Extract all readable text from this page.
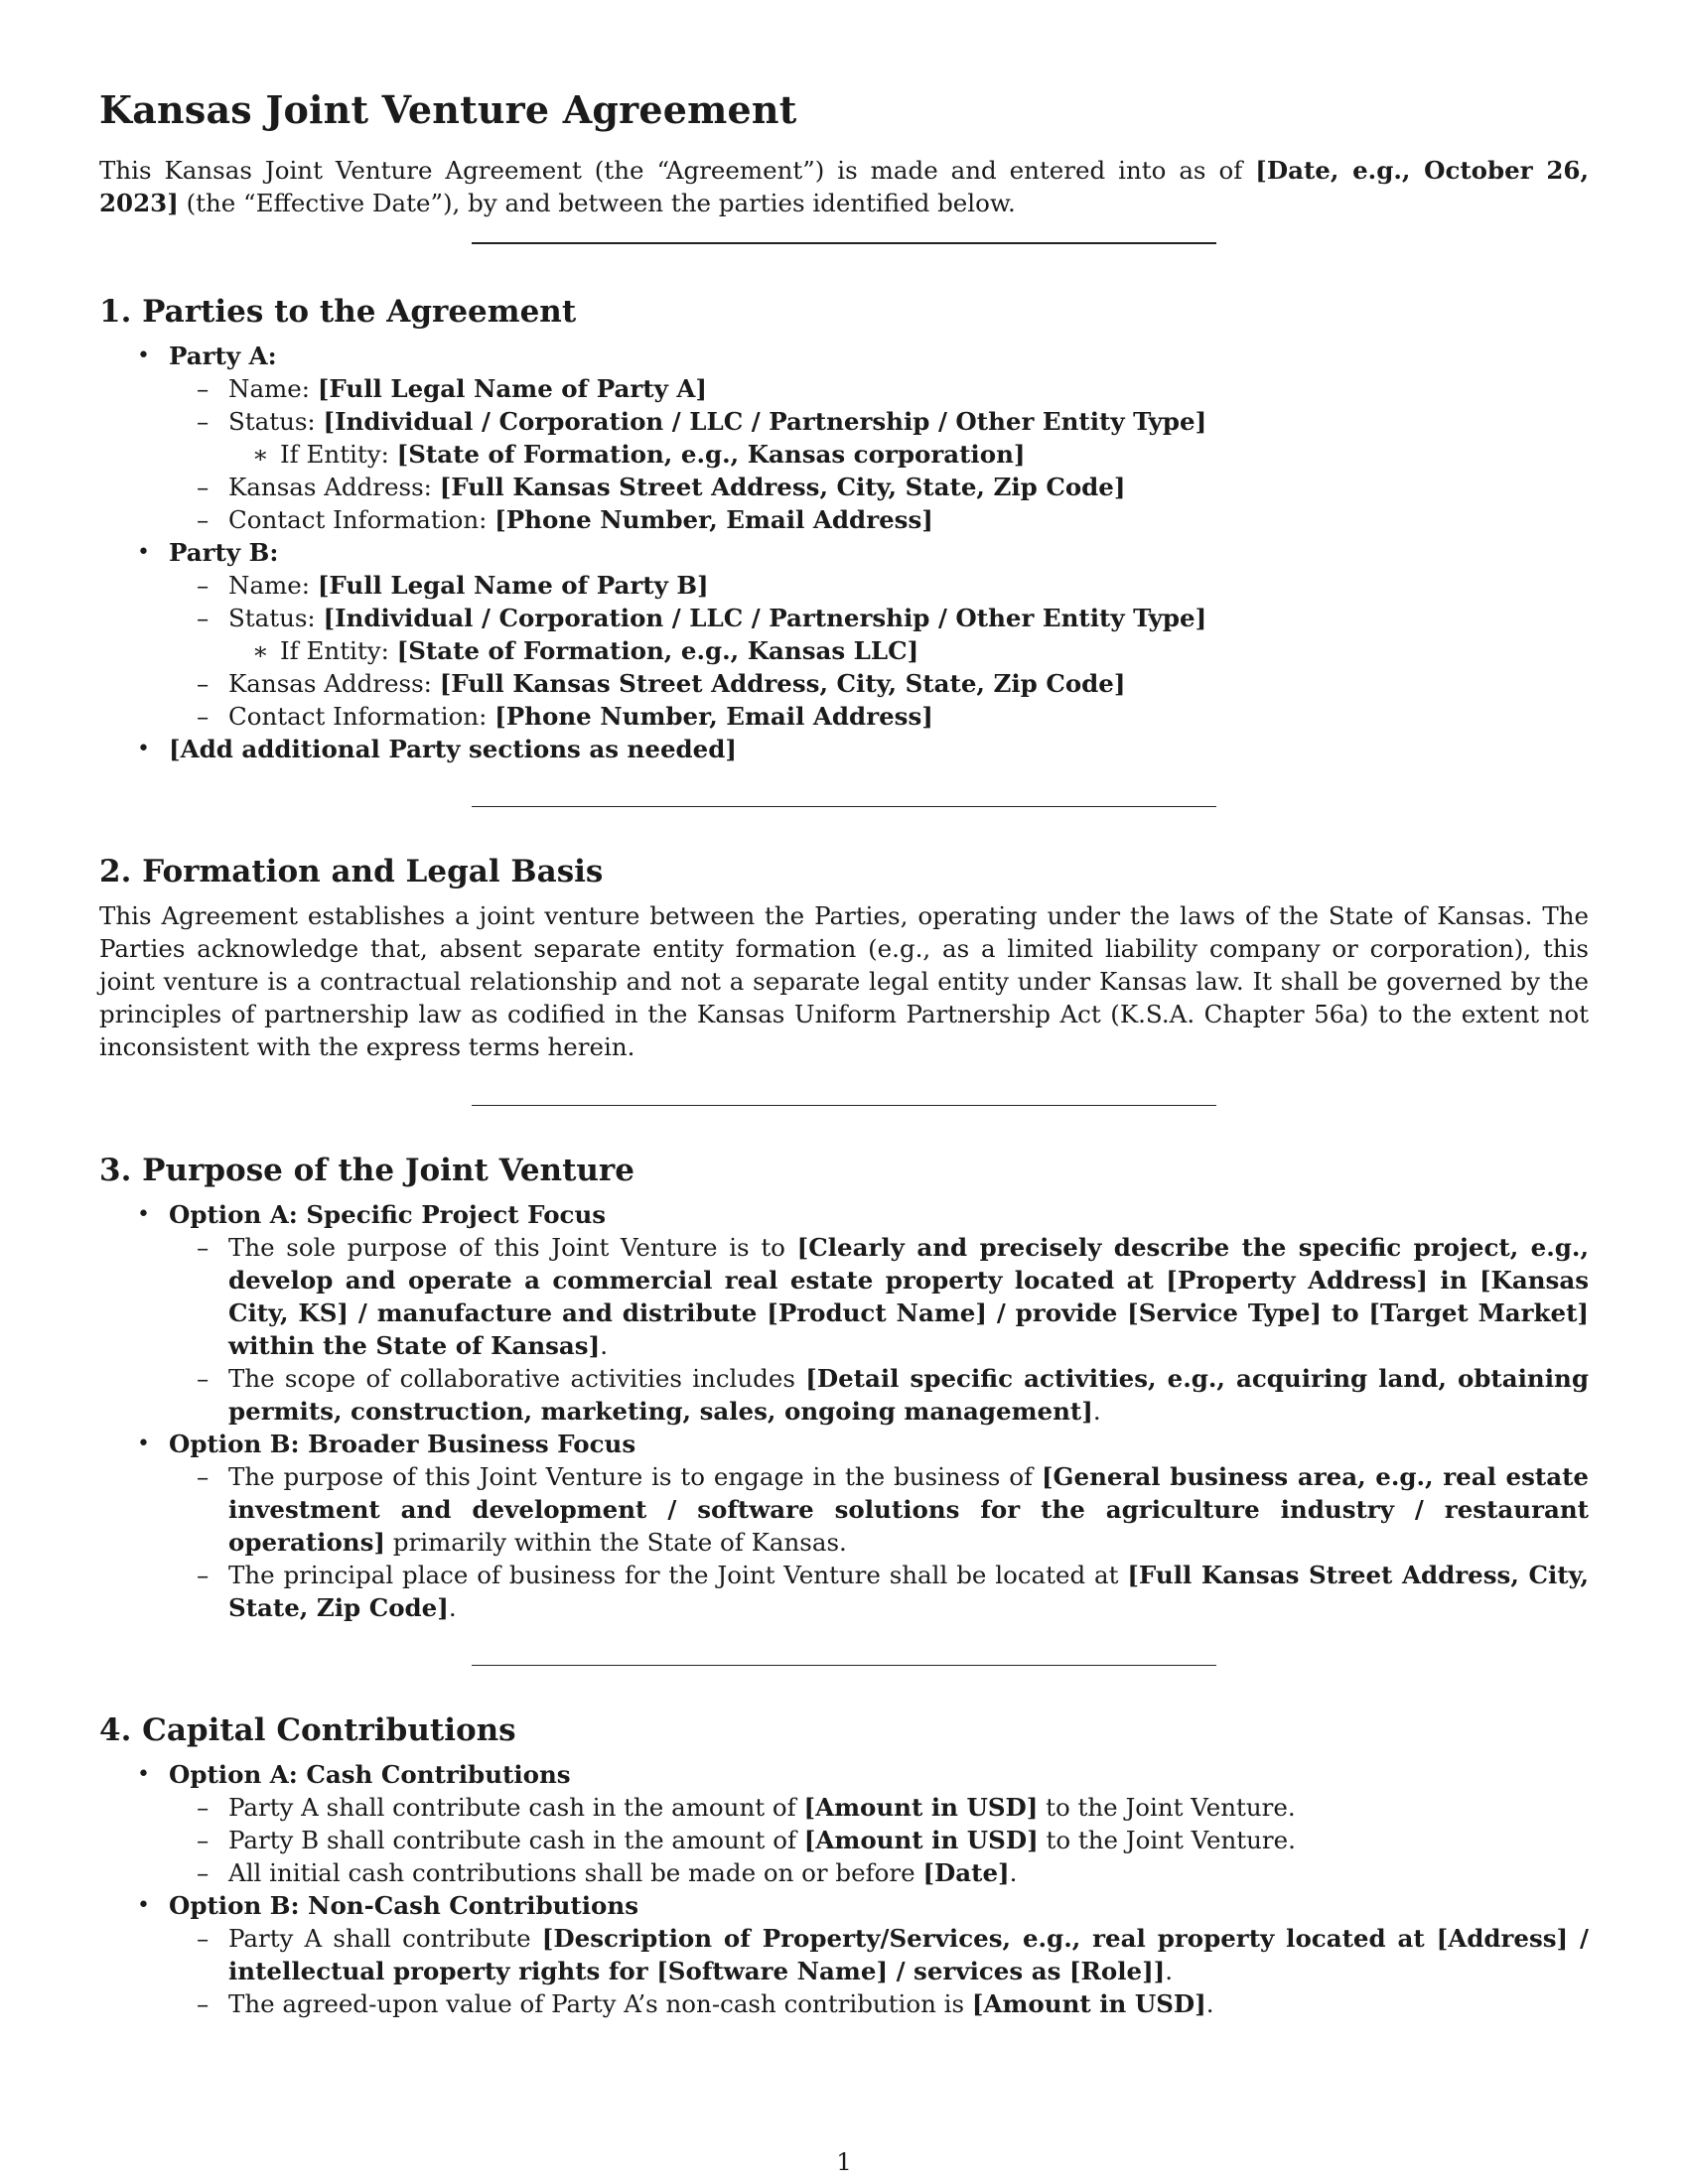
Kansas Joint Venture Agreement

This Kansas Joint Venture Agreement (the “Agreement”) is made and entered into as of [Date, e.g., October 26, 2023] (the “Effective Date”), by and between the parties identified below.

1. Parties to the Agreement
• Party A:
– Name: [Full Legal Name of Party A]
– Status: [Individual / Corporation / LLC / Partnership / Other Entity Type]
∗ If Entity: [State of Formation, e.g., Kansas corporation]
– Kansas Address: [Full Kansas Street Address, City, State, Zip Code]
– Contact Information: [Phone Number, Email Address]
• Party B:
– Name: [Full Legal Name of Party B]
– Status: [Individual / Corporation / LLC / Partnership / Other Entity Type]
∗ If Entity: [State of Formation, e.g., Kansas LLC]
– Kansas Address: [Full Kansas Street Address, City, State, Zip Code]
– Contact Information: [Phone Number, Email Address]
• [Add additional Party sections as needed]
2. Formation and Legal Basis

This Agreement establishes a joint venture between the Parties, operating under the laws of the State of Kansas. The Parties acknowledge that, absent separate entity formation (e.g., as a limited liability company or corporation), this joint venture is a contractual relationship and not a separate legal entity under Kansas law. It shall be governed by the principles of partnership law as codified in the Kansas Uniform Partnership Act (K.S.A. Chapter 56a) to the extent not inconsistent with the express terms herein.

3. Purpose of the Joint Venture
• Option A: Specific Project Focus
– The sole purpose of this Joint Venture is to [Clearly and precisely describe the specific project, e.g., develop and operate a commercial real estate property located at [Property Address] in [Kansas City, KS] / manufacture and distribute [Product Name] / provide [Service Type] to [Target Market] within the State of Kansas].
– The scope of collaborative activities includes [Detail specific activities, e.g., acquiring land, obtaining permits, construction, marketing, sales, ongoing management].
• Option B: Broader Business Focus
– The purpose of this Joint Venture is to engage in the business of [General business area, e.g., real estate investment and development / software solutions for the agriculture industry / restaurant operations] primarily within the State of Kansas.
– The principal place of business for the Joint Venture shall be located at [Full Kansas Street Address, City, State, Zip Code].
4. Capital Contributions
• Option A: Cash Contributions
– Party A shall contribute cash in the amount of [Amount in USD] to the Joint Venture.
– Party B shall contribute cash in the amount of [Amount in USD] to the Joint Venture.
– All initial cash contributions shall be made on or before [Date].
• Option B: Non-Cash Contributions
– Party A shall contribute [Description of Property/Services, e.g., real property located at [Address] / intellectual property rights for [Software Name] / services as [Role]].
– The agreed-upon value of Party A’s non-cash contribution is [Amount in USD].
1
